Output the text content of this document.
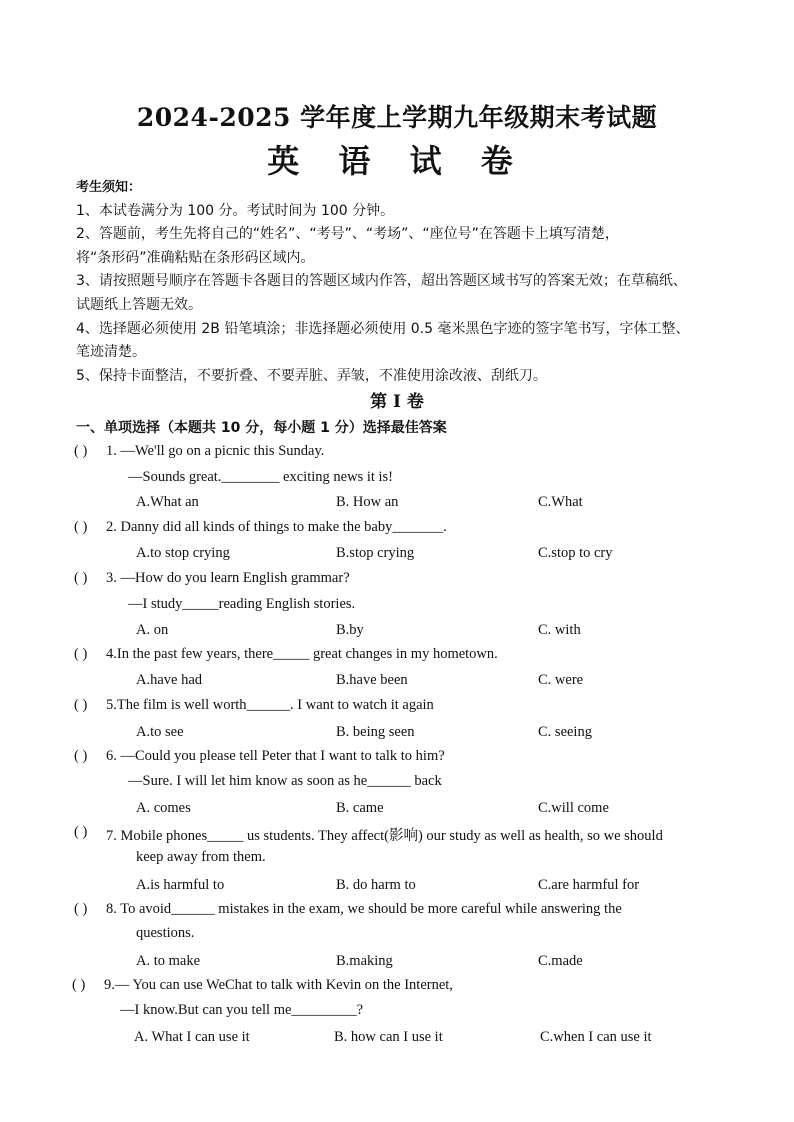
2024-2025 学年度上学期九年级期末考试题
英 语 试 卷

考生须知：

1、本试卷满分为 100 分。考试时间为 100 分钟。

2、答题前，考生先将自己的“姓名”、“考号”、“考场”、“座位号”在答题卡上填写清楚，

将“条形码”准确粘贴在条形码区域内。

3、请按照题号顺序在答题卡各题目的答题区域内作答，超出答题区域书写的答案无效；在草稿纸、

试题纸上答题无效。

4、选择题必须使用 2B 铅笔填涂；非选择题必须使用 0.5 毫米黑色字迹的签字笔书写，字体工整、

笔迹清楚。

5、保持卡面整洁，不要折叠、不要弄脏、弄皱，不准使用涂改液、刮纸刀。

第 I 卷
一、单项选择（本题共 10 分，每小题 1 分）选择最佳答案
( ) 1. —We'll go on a picnic this Sunday.
—Sounds great.________ exciting news it is!
A.What an	B. How an	C.What
( ) 2. Danny did all kinds of things to make the baby_______.
A.to stop crying	B.stop crying	C.stop to cry
( ) 3. —How do you learn English grammar?
—I study_____reading English stories.
A. on	B.by	C. with
( ) 4.In the past few years, there_____ great changes in my hometown.
A.have had	B.have been	C. were
( ) 5.The film is well worth______. I want to watch it again
A.to see	B. being seen	C. seeing
( ) 6. —Could you please tell Peter that I want to talk to him?
—Sure. I will let him know as soon as he______ back
A. comes	B. came	C.will come
( ) 7. Mobile phones_____ us students. They affect(影响) our study as well as health, so we should
keep away from them.
A.is harmful to	B. do harm to	C.are harmful for
( ) 8. To avoid______ mistakes in the exam, we should be more careful while answering the
questions.
A. to make	B.making	C.made
( ) 9.— You can use WeChat to talk with Kevin on the Internet,
—I know.But can you tell me_________?
A. What I can use it	B. how can I use it	C.when I can use it
